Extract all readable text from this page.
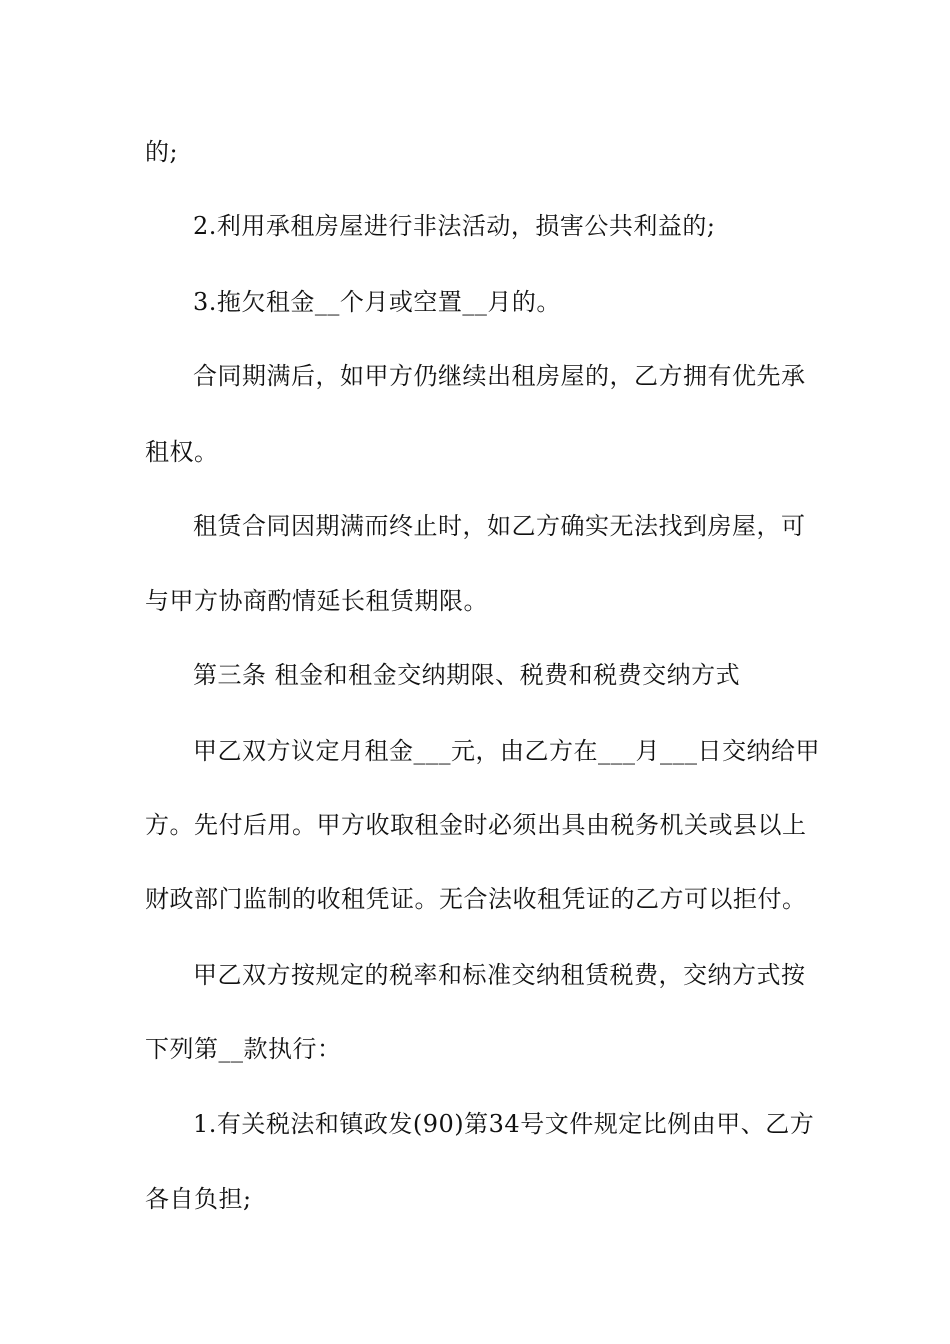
的;
2.利用承租房屋进行非法活动，损害公共利益的;
3.拖欠租金__个月或空置__月的。
合同期满后，如甲方仍继续出租房屋的，乙方拥有优先承
租权。
租赁合同因期满而终止时，如乙方确实无法找到房屋，可
与甲方协商酌情延长租赁期限。
第三条 租金和租金交纳期限、税费和税费交纳方式
甲乙双方议定月租金___元，由乙方在___月___日交纳给甲
方。先付后用。甲方收取租金时必须出具由税务机关或县以上
财政部门监制的收租凭证。无合法收租凭证的乙方可以拒付。
甲乙双方按规定的税率和标准交纳租赁税费，交纳方式按
下列第__款执行：
1.有关税法和镇政发(90)第34号文件规定比例由甲、乙方
各自负担;
